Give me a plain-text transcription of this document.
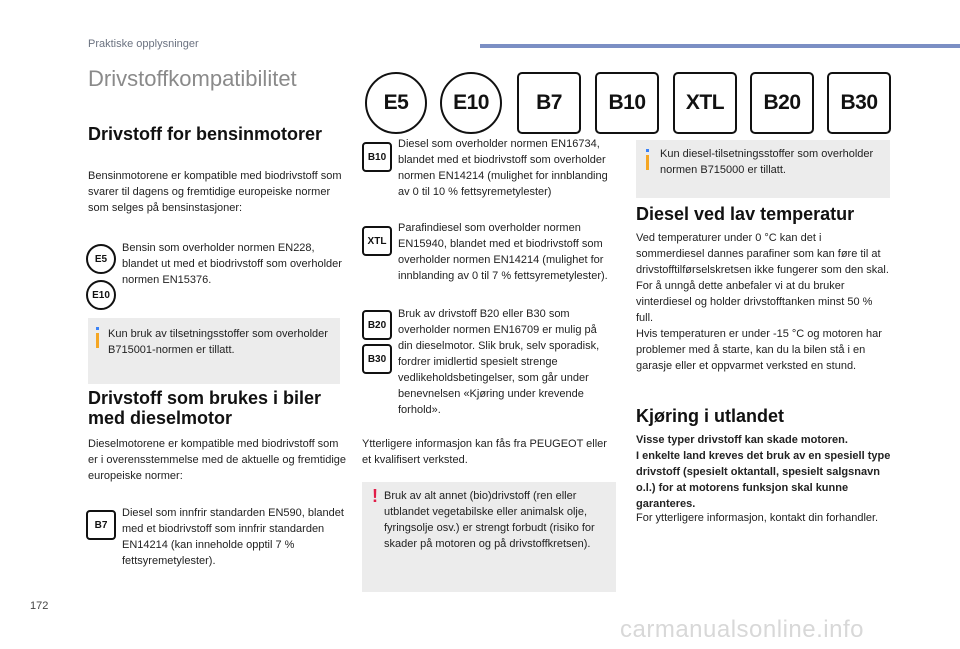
Praktiske opplysninger
Drivstoffkompatibilitet
E5	E10	B7	B10	XTL	B20	B30
Drivstoff for bensinmotorer

Bensinmotorene er kompatible med biodrivstoff som svarer til dagens og fremtidige europeiske normer som selges på bensinstasjoner:

E5
E10

Bensin som overholder normen EN228, blandet ut med et biodrivstoff som overholder normen EN15376.

Kun bruk av tilsetningsstoffer som overholder B715001-normen er tillatt.

Drivstoff som brukes i biler med dieselmotor

Dieselmotorene er kompatible med biodrivstoff som er i overensstemmelse med de aktuelle og fremtidige europeiske normer:

B7

Diesel som innfrir standarden EN590, blandet med et biodrivstoff som innfrir standarden EN14214 (kan inneholde opptil 7 % fettsyremetylester).

B10

Diesel som overholder normen EN16734, blandet med et biodrivstoff som overholder normen EN14214 (mulighet for innblanding av 0 til 10 % fettsyremetylester)

XTL

Parafindiesel som overholder normen EN15940, blandet med et biodrivstoff som overholder normen EN14214 (mulighet for innblanding av 0 til 7 % fettsyremetylester).

B20
B30

Bruk av drivstoff B20 eller B30 som overholder normen EN16709 er mulig på din dieselmotor. Slik bruk, selv sporadisk, fordrer imidlertid spesielt strenge vedlikeholdsbetingelser, som går under benevnelsen «Kjøring under krevende forhold».

Ytterligere informasjon kan fås fra PEUGEOT eller et kvalifisert verksted.

! Bruk av alt annet (bio)drivstoff (ren eller utblandet vegetabilske eller animalsk olje, fyringsolje osv.) er strengt forbudt (risiko for skader på motoren og på drivstoffkretsen).

Kun diesel-tilsetningsstoffer som overholder normen B715000 er tillatt.

Diesel ved lav temperatur

Ved temperaturer under 0 °C kan det i sommerdiesel dannes parafiner som kan føre til at drivstofftilførselskretsen ikke fungerer som den skal. For å unngå dette anbefaler vi at du bruker vinterdiesel og holder drivstofftanken minst 50 % full.
Hvis temperaturen er under -15 °C og motoren har problemer med å starte, kan du la bilen stå i en garasje eller et oppvarmet verksted en stund.

Kjøring i utlandet

Visse typer drivstoff kan skade motoren.
I enkelte land kreves det bruk av en spesiell type drivstoff (spesielt oktantall, spesielt salgsnavn o.l.) for at motorens funksjon skal kunne garanteres.

For ytterligere informasjon, kontakt din forhandler.

172
carmanualsonline.info
